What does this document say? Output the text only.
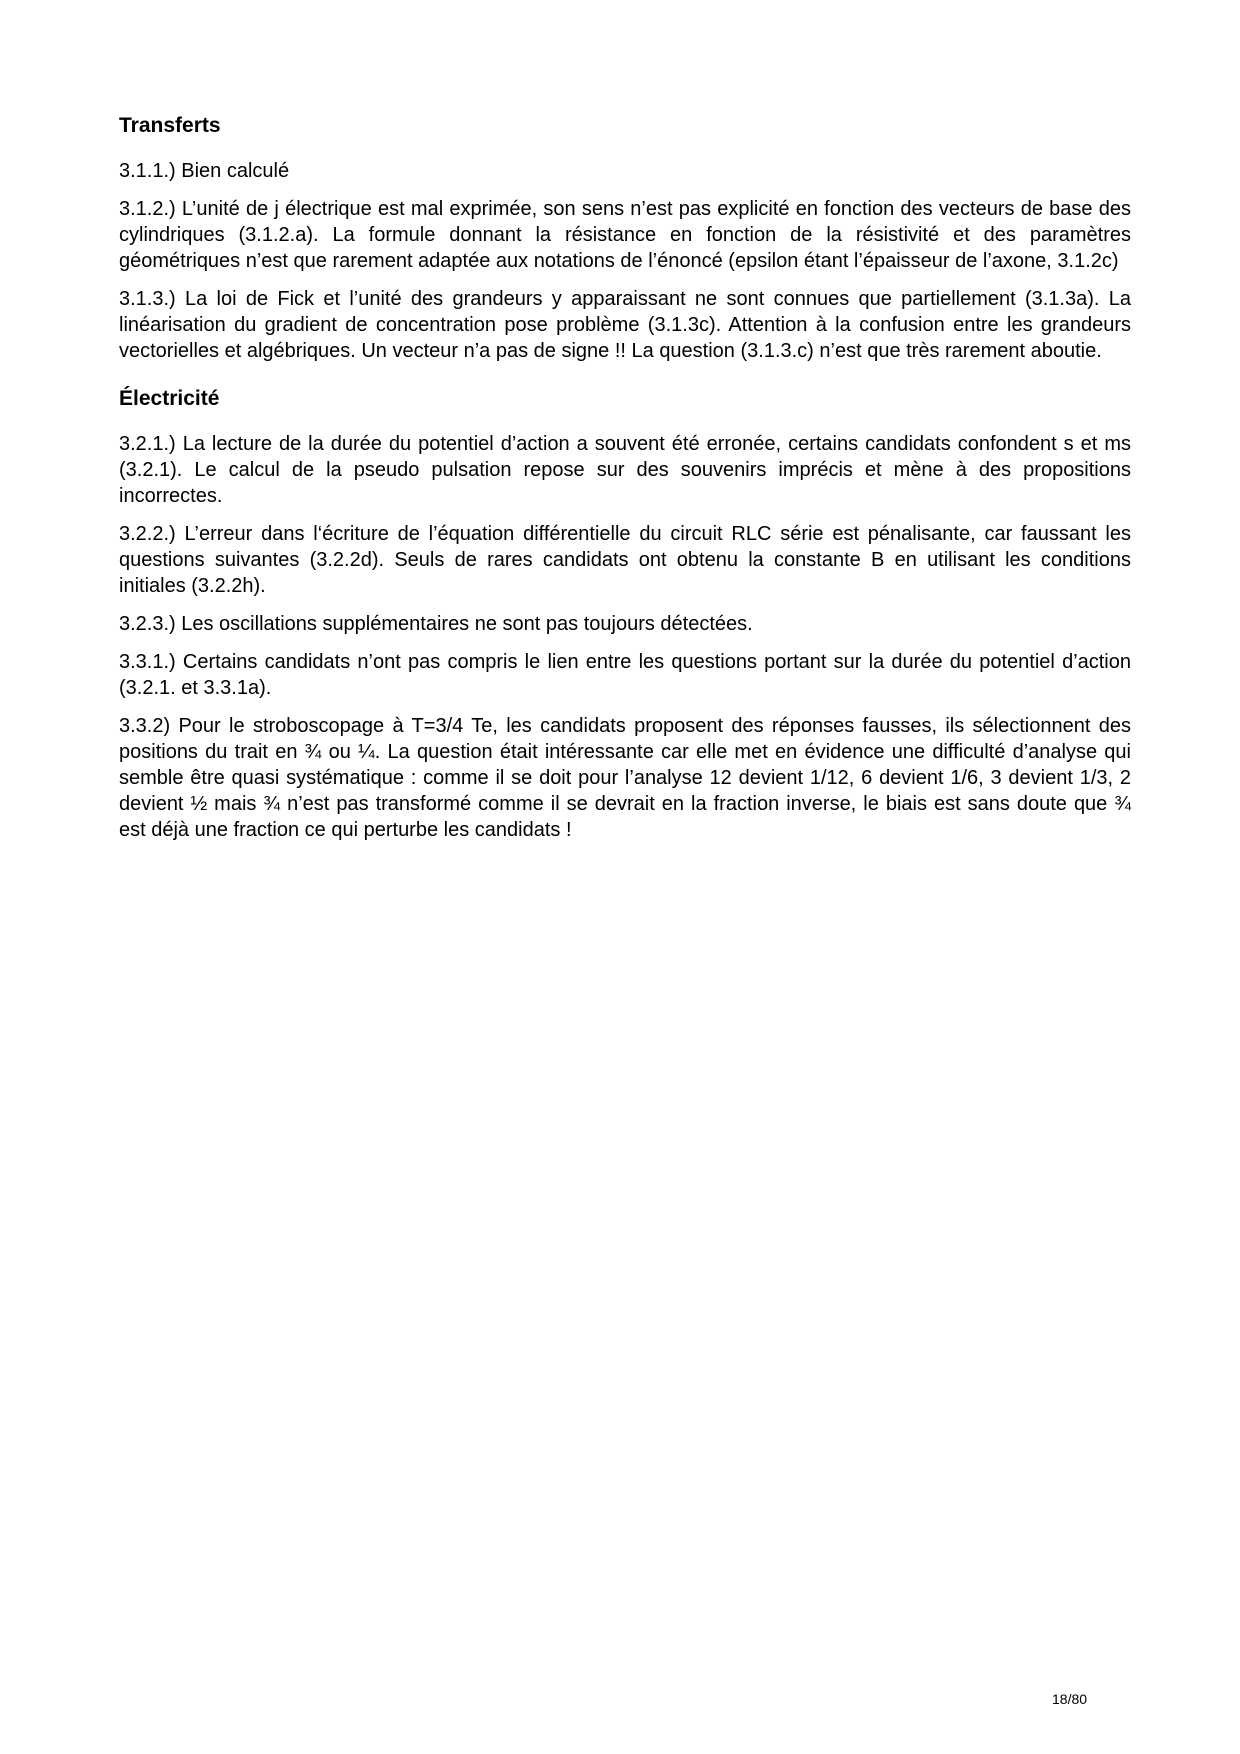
Transferts

3.1.1.) Bien calculé

3.1.2.) L’unité de j électrique est mal exprimée, son sens n’est pas explicité en fonction des vecteurs de base des cylindriques (3.1.2.a). La formule donnant la résistance en fonction de la résistivité et des paramètres géométriques n’est que rarement adaptée aux notations de l’énoncé (epsilon étant l’épaisseur de l’axone, 3.1.2c)

3.1.3.) La loi de Fick et l’unité des grandeurs y apparaissant ne sont connues que partiellement (3.1.3a). La linéarisation du gradient de concentration pose problème (3.1.3c). Attention à la confusion entre les grandeurs vectorielles et algébriques. Un vecteur n’a pas de signe !! La question (3.1.3.c) n’est que très rarement aboutie.

Électricité

3.2.1.) La lecture de la durée du potentiel d’action a souvent été erronée, certains candidats confondent s et ms (3.2.1). Le calcul de la pseudo pulsation repose sur des souvenirs imprécis et mène à des propositions incorrectes.

3.2.2.) L’erreur dans l‘écriture de l’équation différentielle du circuit RLC série est pénalisante, car faussant les questions suivantes (3.2.2d). Seuls de rares candidats ont obtenu la constante B en utilisant les conditions initiales (3.2.2h).

3.2.3.) Les oscillations supplémentaires ne sont pas toujours détectées.

3.3.1.) Certains candidats n’ont pas compris le lien entre les questions portant sur la durée du potentiel d’action (3.2.1. et 3.3.1a).

3.3.2) Pour le stroboscopage à T=3/4 Te, les candidats proposent des réponses fausses, ils sélectionnent des positions du trait en ¾ ou ¼. La question était intéressante car elle met en évidence une difficulté d’analyse qui semble être quasi systématique : comme il se doit pour l’analyse 12 devient 1/12, 6 devient 1/6, 3 devient 1/3, 2 devient ½ mais ¾ n’est pas transformé comme il se devrait en la fraction inverse, le biais est sans doute que ¾ est déjà une fraction ce qui perturbe les candidats !

18/80
